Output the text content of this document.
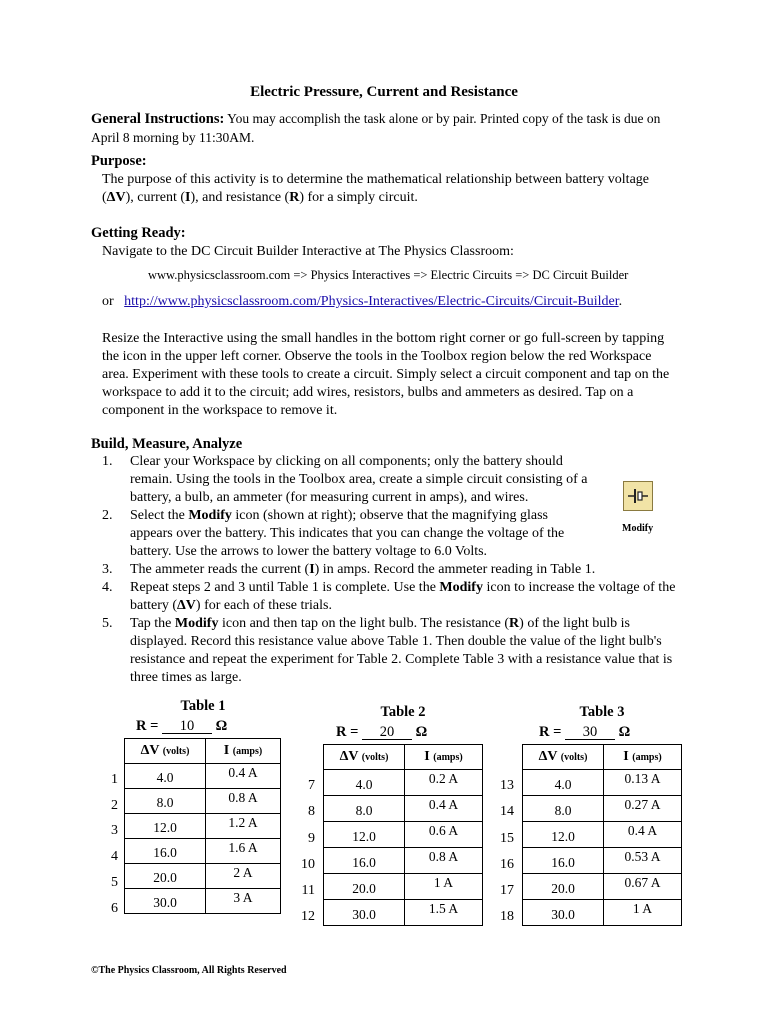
Electric Pressure, Current and Resistance
General Instructions: You may accomplish the task alone or by pair. Printed copy of the task is due on April 8 morning by 11:30AM.
Purpose:
The purpose of this activity is to determine the mathematical relationship between battery voltage (ΔV), current (I), and resistance (R) for a simply circuit.
Getting Ready:
Navigate to the DC Circuit Builder Interactive at The Physics Classroom:
www.physicsclassroom.com => Physics Interactives => Electric Circuits => DC Circuit Builder
or http://www.physicsclassroom.com/Physics-Interactives/Electric-Circuits/Circuit-Builder.
Resize the Interactive using the small handles in the bottom right corner or go full-screen by tapping the icon in the upper left corner. Observe the tools in the Toolbox region below the red Workspace area. Experiment with these tools to create a circuit. Simply select a circuit component and tap on the workspace to add it to the circuit; add wires, resistors, bulbs and ammeters as desired. Tap on a component in the workspace to remove it.
Build, Measure, Analyze
1. Clear your Workspace by clicking on all components; only the battery should remain. Using the tools in the Toolbox area, create a simple circuit consisting of a battery, a bulb, an ammeter (for measuring current in amps), and wires.
2. Select the Modify icon (shown at right); observe that the magnifying glass appears over the battery. This indicates that you can change the voltage of the battery. Use the arrows to lower the battery voltage to 6.0 Volts.
3. The ammeter reads the current (I) in amps. Record the ammeter reading in Table 1.
4. Repeat steps 2 and 3 until Table 1 is complete. Use the Modify icon to increase the voltage of the battery (ΔV) for each of these trials.
5. Tap the Modify icon and then tap on the light bulb. The resistance (R) of the light bulb is displayed. Record this resistance value above Table 1. Then double the value of the light bulb's resistance and repeat the experiment for Table 2. Complete Table 3 with a resistance value that is three times as large.
Modify
Table 1
R = 10 Ω
ΔV (volts)	I (amps)
4.0	0.4 A
8.0	0.8 A
12.0	1.2 A
16.0	1.6 A
20.0	2 A
30.0	3 A
1
2
3
4
5
6
Table 2
R = 20 Ω
ΔV (volts)	I (amps)
4.0	0.2 A
8.0	0.4 A
12.0	0.6 A
16.0	0.8 A
20.0	1 A
30.0	1.5 A
7
8
9
10
11
12
Table 3
R = 30 Ω
ΔV (volts)	I (amps)
4.0	0.13 A
8.0	0.27 A
12.0	0.4 A
16.0	0.53 A
20.0	0.67 A
30.0	1 A
13
14
15
16
17
18
©The Physics Classroom, All Rights Reserved
